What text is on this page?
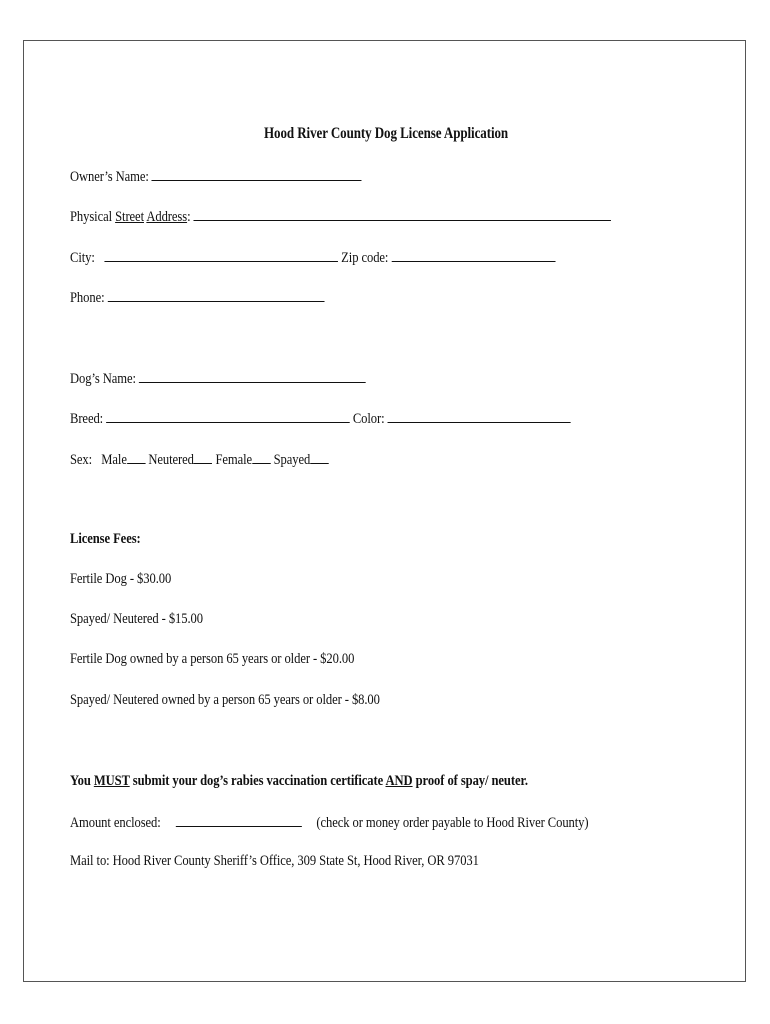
Hood River County Dog License Application
Owner’s Name:
Physical Street Address:
City:	Zip code:
Phone:
Dog’s Name:
Breed:	Color:
Sex: Male Neutered Female Spayed
License Fees:
Fertile Dog - $30.00
Spayed/ Neutered - $15.00
Fertile Dog owned by a person 65 years or older - $20.00
Spayed/ Neutered owned by a person 65 years or older - $8.00
You MUST submit your dog’s rabies vaccination certificate AND proof of spay/ neuter.
Amount enclosed:	(check or money order payable to Hood River County)
Mail to: Hood River County Sheriff’s Office, 309 State St, Hood River, OR 97031
